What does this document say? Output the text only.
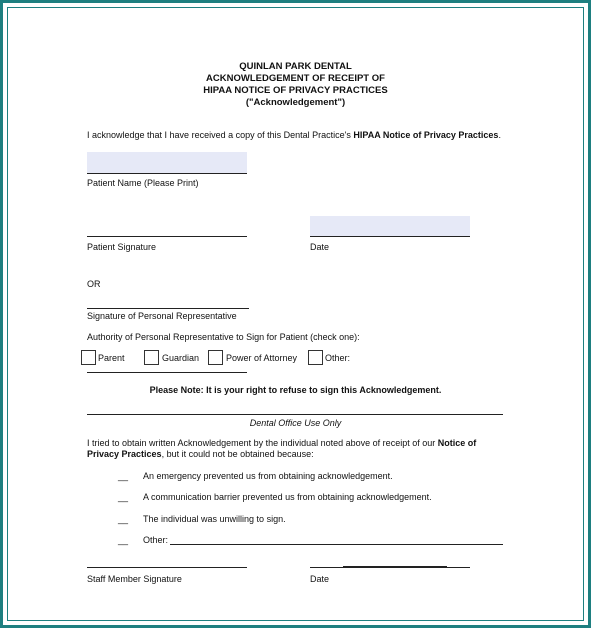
QUINLAN PARK DENTAL
ACKNOWLEDGEMENT OF RECEIPT OF
HIPAA NOTICE OF PRIVACY PRACTICES
("Acknowledgement")
I acknowledge that I have received a copy of this Dental Practice's HIPAA Notice of Privacy Practices.
Patient Name (Please Print)
Patient Signature	Date
OR
Signature of Personal Representative
Authority of Personal Representative to Sign for Patient (check one):
Parent	Guardian	Power of Attorney	Other:
Please Note: It is your right to refuse to sign this Acknowledgement.
Dental Office Use Only
I tried to obtain written Acknowledgement by the individual noted above of receipt of our Notice of Privacy Practices, but it could not be obtained because:
__ An emergency prevented us from obtaining acknowledgement.
__ A communication barrier prevented us from obtaining acknowledgement.
__ The individual was unwilling to sign.
__ Other:
Staff Member Signature	Date
